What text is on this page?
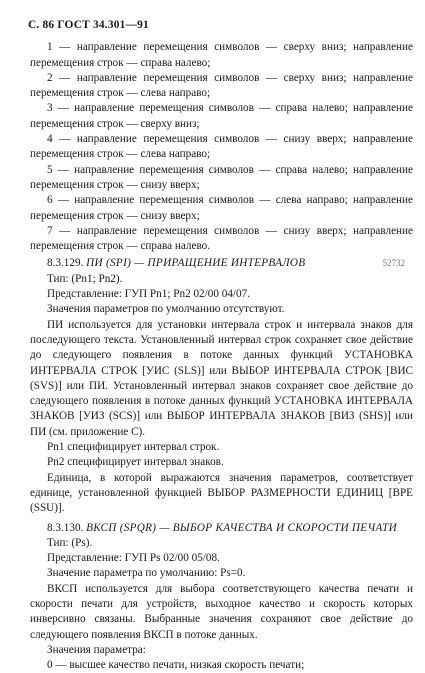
С. 86 ГОСТ 34.301—91

1 — направление перемещения символов — сверху вниз; направление перемещения строк — справа налево;

2 — направление перемещения символов — сверху вниз; направление перемещения строк — слева направо;

3 — направление перемещения символов — справа налево; направление перемещения строк — сверху вниз;

4 — направление перемещения символов — снизу вверх; направление перемещения строк — слева направо;

5 — направление перемещения символов — справа налево; направление перемещения строк — снизу вверх;

6 — направление перемещения символов — слева направо; направление перемещения строк — снизу вверх;

7 — направление перемещения символов — снизу вверх; направление перемещения строк — справа налево.

8.3.129. ПИ (SPI) — ПРИРАЩЕНИЕ ИНТЕРВАЛОВ	52732

Тип: (Pn1; Pn2).

Представление: ГУП Pn1; Pn2 02/00 04/07.

Значения параметров по умолчанию отсутствуют.

ПИ используется для установки интервала строк и интервала знаков для последующего текста. Установленный интервал строк сохраняет свое действие до следующего появления в потоке данных функций УСТАНОВКА ИНТЕРВАЛА СТРОК [УИС (SLS)] или ВЫБОР ИНТЕРВАЛА СТРОК [ВИС (SVS)] или ПИ. Установленный интервал знаков сохраняет свое действие до следующего появления в потоке данных функций УСТАНОВКА ИНТЕРВАЛА ЗНАКОВ [УИЗ (SCS)] или ВЫБОР ИНТЕРВАЛА ЗНАКОВ [ВИЗ (SHS)] или ПИ (см. приложение С).

Pn1 специфицирует интервал строк.

Pn2 специфицирует интервал знаков.

Единица, в которой выражаются значения параметров, соответствует единице, установленной функцией ВЫБОР РАЗМЕРНОСТИ ЕДИНИЦ [ВРЕ (SSU)].

8.3.130. ВКСП (SPQR) — ВЫБОР КАЧЕСТВА И СКОРОСТИ ПЕЧАТИ

Тип: (Ps).

Представление: ГУП Ps 02/00 05/08.

Значение параметра по умолчанию: Ps=0.

ВКСП используется для выбора соответствующего качества печати и скорости печати для устройств, выходное качество и скорость которых инверсивно связаны. Выбранные значения сохраняют свое действие до следующего появления ВКСП в потоке данных.

Значения параметра:

0 — высшее качество печати, низкая скорость печати;
